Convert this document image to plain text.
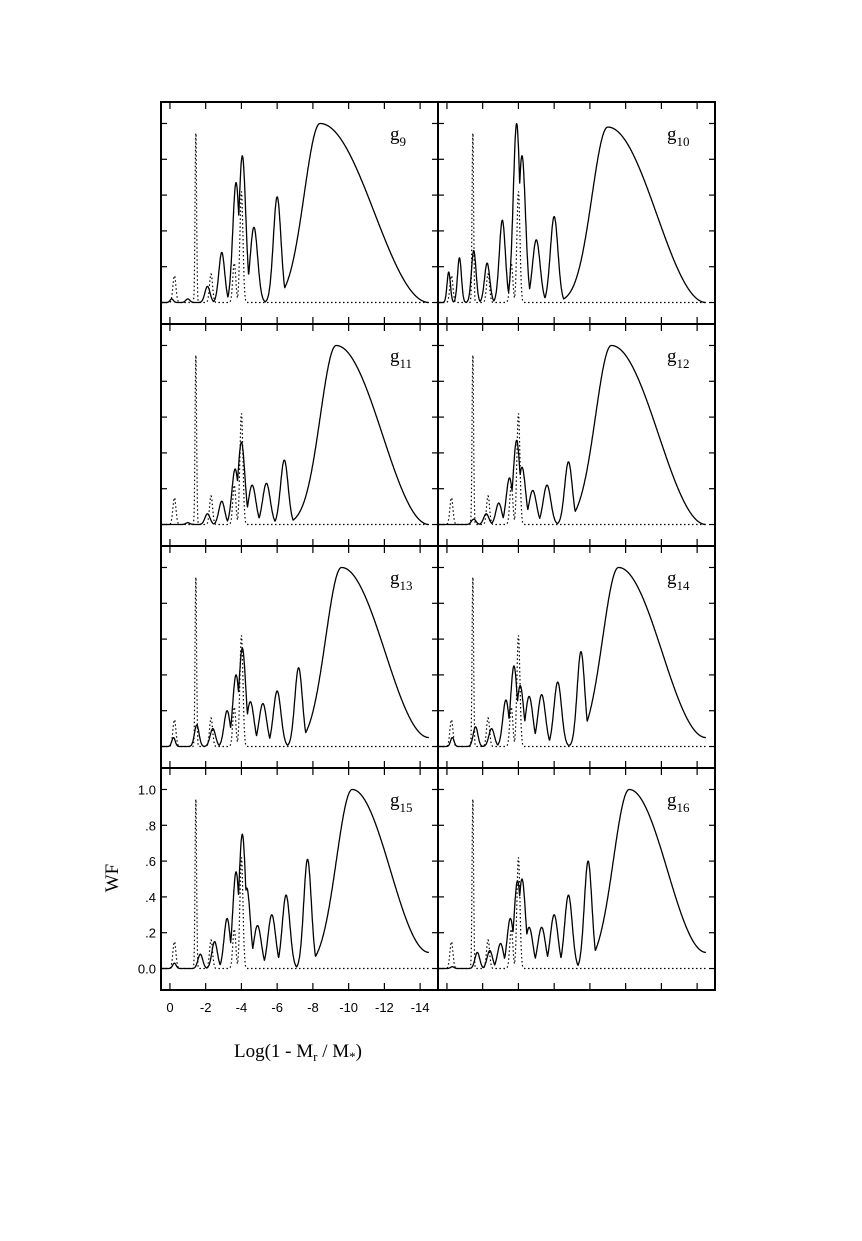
$g_9$	$g_{10}$
$g_{11}$	$g_{12}$
$g_{13}$	$g_{14}$
$g_{15}$	$g_{16}$
0 -2 -4 -6 -8 -10 -12 -14
0.0
.2
.4
.6
.8
1.0
WF
$Log(1 - M_r / M_*)$
